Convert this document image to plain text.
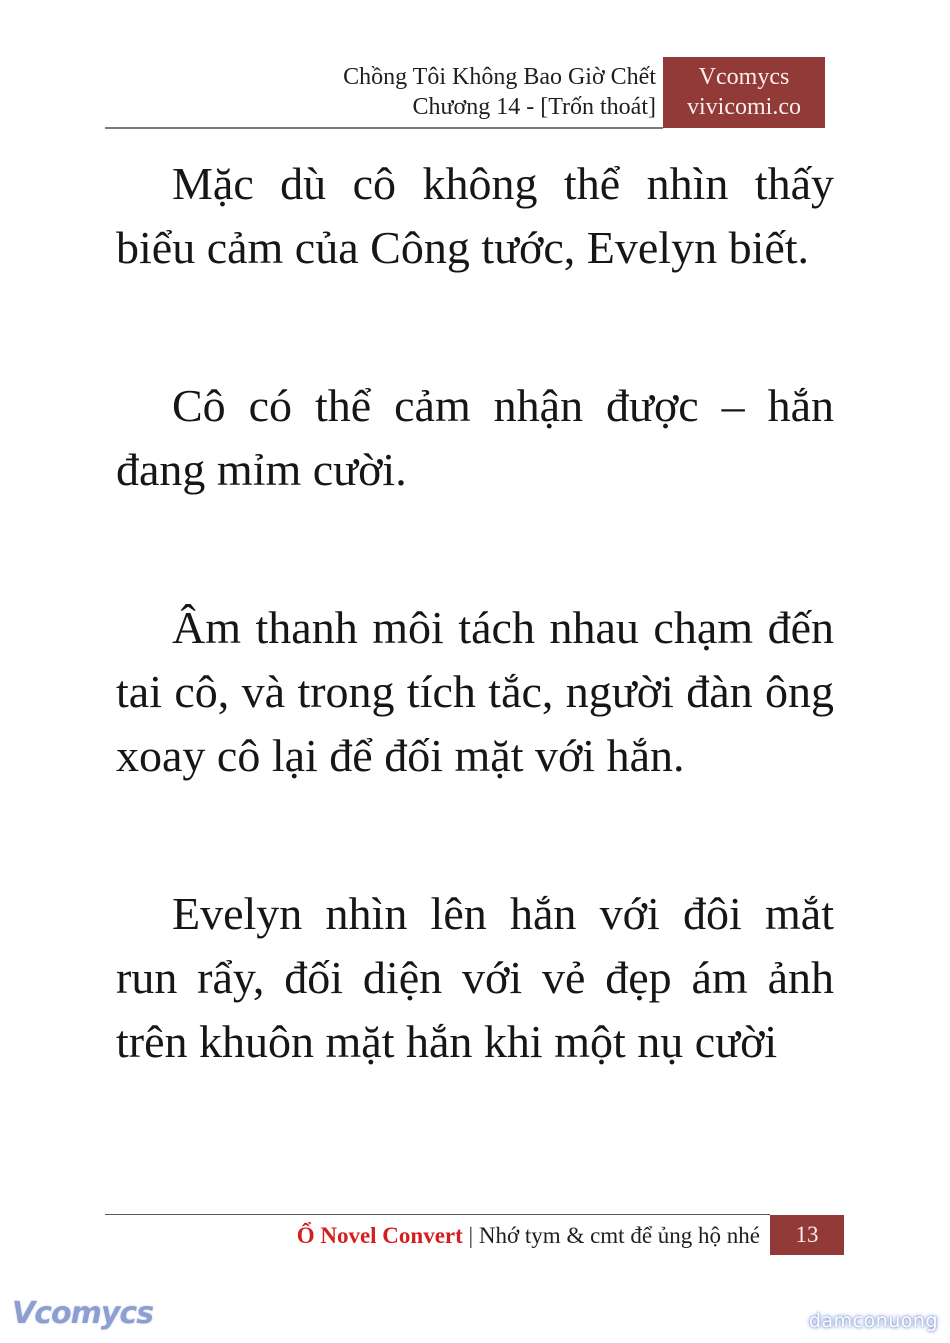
Chồng Tôi Không Bao Giờ Chết
Chương 14 - [Trốn thoát]
Vcomycs
vivicomi.co

Mặc dù cô không thể nhìn thấy biểu cảm của Công tước, Evelyn biết.

Cô có thể cảm nhận được – hắn đang mỉm cười.

Âm thanh môi tách nhau chạm đến tai cô, và trong tích tắc, người đàn ông xoay cô lại để đối mặt với hắn.

Evelyn nhìn lên hắn với đôi mắt run rẩy, đối diện với vẻ đẹp ám ảnh trên khuôn mặt hắn khi một nụ cười

Ổ Novel Convert | Nhớ tym & cmt để ủng hộ nhé	13
Vcomycs	damconuong
